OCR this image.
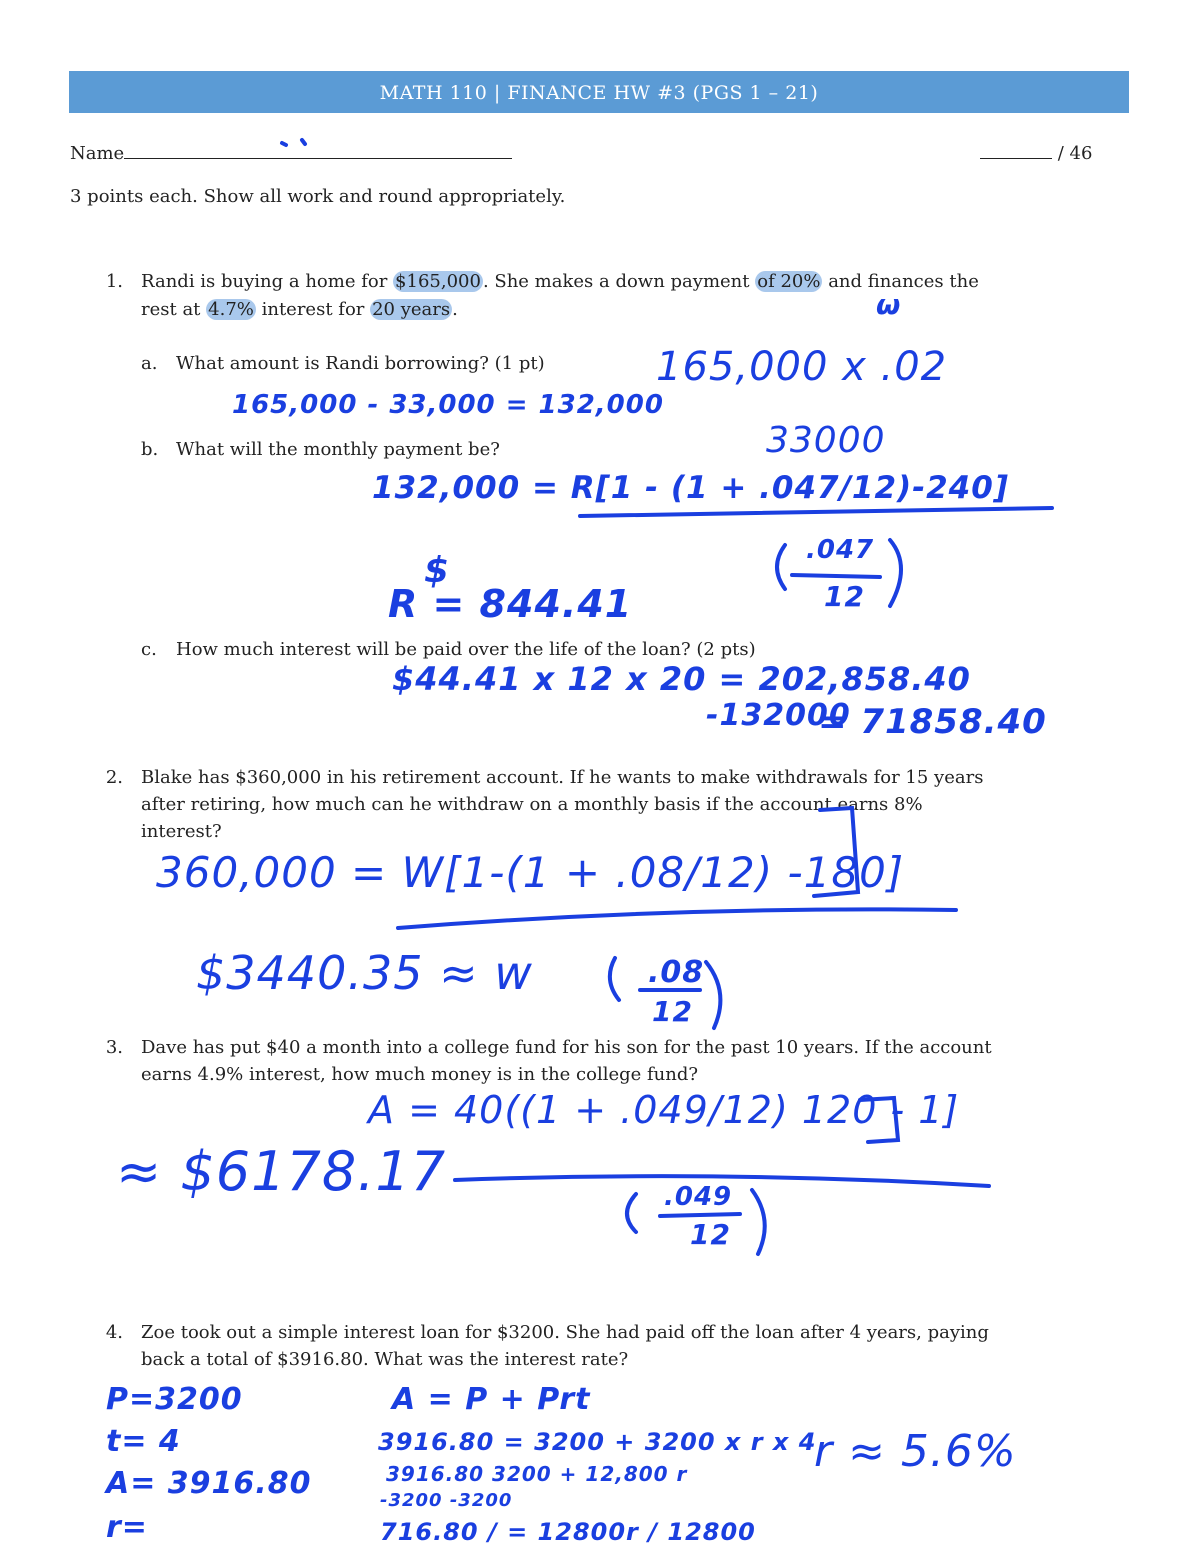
MATH 110 | FINANCE HW #3 (PGS 1 – 21)
Name	/ 46
3 points each. Show all work and round appropriately.
1. Randi is buying a home for $165,000 . She makes a down payment of 20% and finances the
rest at 4.7% interest for 20 years .
a. What amount is Randi borrowing? (1 pt)
b. What will the monthly payment be?
c. How much interest will be paid over the life of the loan? (2 pts)
2. Blake has $360,000 in his retirement account. If he wants to make withdrawals for 15 years
after retiring, how much can he withdraw on a monthly basis if the account earns 8%
interest?
3. Dave has put $40 a month into a college fund for his son for the past 10 years. If the account
earns 4.9% interest, how much money is in the college fund?
4. Zoe took out a simple interest loan for $3200. She had paid off the loan after 4 years, paying
back a total of $3916.80. What was the interest rate?
ω
165,000 x .02
165,000 - 33,000 = 132,000
33000
132,000 = R[1 - (1 + .047/12)-240]
.047
12
$
R = 844.41
$44.41 x 12 x 20 = 202,858.40
-132000
= 71858.40
360,000 = W[1-(1 + .08/12) -180]
.08
12
$3440.35 ≈ w
A = 40((1 + .049/12) 120 - 1]
.049
12
≈ $6178.17
P=3200
t= 4
A= 3916.80
r=
A = P + Prt
3916.80 = 3200 + 3200 x r x 4
3916.80 3200 + 12,800 r
-3200 -3200
716.80 / = 12800r / 12800
r ≈ 5.6%
